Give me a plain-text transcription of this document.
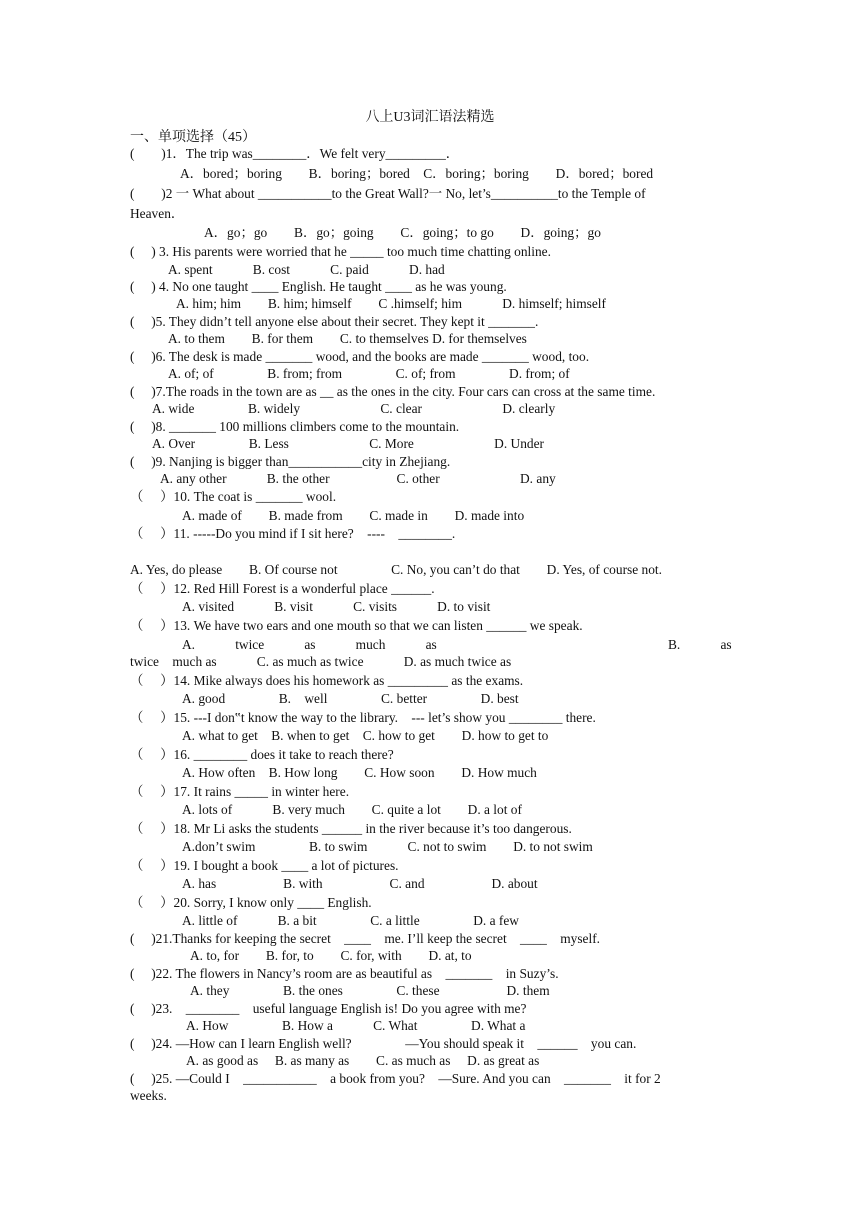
八上U3词汇语法精选
一、单项选择（45）
(　　)1．The trip was________．We felt very_________．
A．bored；boring　　B．boring；bored　C．boring；boring　　D．bored；bored
(　　)2 一 What about ___________to the Great Wall?一 No, let’s__________to the Temple of
Heaven．
A．go；go　　B．go；going　　C．going；to go　　D．going；go
(　 ) 3. His parents were worried that he _____ too much time chatting online.
A. spent　　　B. cost　　　C. paid　　　D. had
(　 ) 4. No one taught ____ English. He taught ____ as he was young.
A. him; him　　B. him; himself　　C .himself; him　　　D. himself; himself
(　 )5. They didn’t tell anyone else about their secret. They kept it _______.
A. to them　　B. for them　　C. to themselves D. for themselves
(　 )6. The desk is made _______ wood, and the books are made _______ wood, too.
A. of; of　　　　B. from; from　　　　C. of; from　　　　D. from; of
(　 )7.The roads in the town are as __ as the ones in the city. Four cars can cross at the same time.
A. wide　　　　B. widely　　　　　　C. clear　　　　　　D. clearly
(　 )8. _______ 100 millions climbers come to the mountain.
A. Over　　　　B. Less　　　　　　C. More　　　　　　D. Under
(　 )9. Nanjing is bigger than___________city in Zhejiang.
A. any other　　　B. the other　　　　　C. other　　　　　　D. any
（　 ）10. The coat is _______ wool.
A. made of　　B. made from　　C. made in　　D. made into
（　 ）11. -----Do you mind if I sit here?　----　________.
A. Yes, do please　　B. Of course not　　　　C. No, you can’t do that　　D. Yes, of course not.
（　 ）12. Red Hill Forest is a wonderful place ______.
A. visited　　　B. visit　　　C. visits　　　D. to visit
（　 ）13. We have two ears and one mouth so that we can listen ______ we speak.
A.　　　twice　　　as　　　much　　　as	B.　　　as
twice　much as　　　C. as much as twice　　　D. as much twice as
（　 ）14. Mike always does his homework as _________ as the exams.
A. good　　　　B.　well　　　　C. better　　　　D. best
（　 ）15. ---I don‟t know the way to the library.　--- let’s show you ________ there.
A. what to get　B. when to get　C. how to get　　D. how to get to
（　 ）16. ________ does it take to reach there?
A. How often　B. How long　　C. How soon　　D. How much
（　 ）17. It rains _____ in winter here.
A. lots of　　　B. very much　　C. quite a lot　　D. a lot of
（　 ）18. Mr Li asks the students ______ in the river because it’s too dangerous.
A.don’t swim　　　　B. to swim　　　C. not to swim　　D. to not swim
（　 ）19. I bought a book ____ a lot of pictures.
A. has　　　　　B. with　　　　　C. and　　　　　D. about
（　 ）20. Sorry, I know only ____ English.
A. little of　　　B. a bit　　　　C. a little　　　　D. a few
(　 )21.Thanks for keeping the secret　____　me. I’ll keep the secret　____　myself.
A. to, for　　B. for, to　　C. for, with　　D. at, to
(　 )22. The flowers in Nancy’s room are as beautiful as　_______　in Suzy’s.
A. they　　　　B. the ones　　　　C. these　　　　　D. them
(　 )23.　________　useful language English is! Do you agree with me?
A. How　　　　B. How a　　　C. What　　　　D. What a
(　 )24. —How can I learn English well?　　　　—You should speak it　______　you can.
A. as good as　 B. as many as　　C. as much as　 D. as great as
(　 )25. —Could I　___________　a book from you?　—Sure. And you can　_______　it for 2
weeks.
